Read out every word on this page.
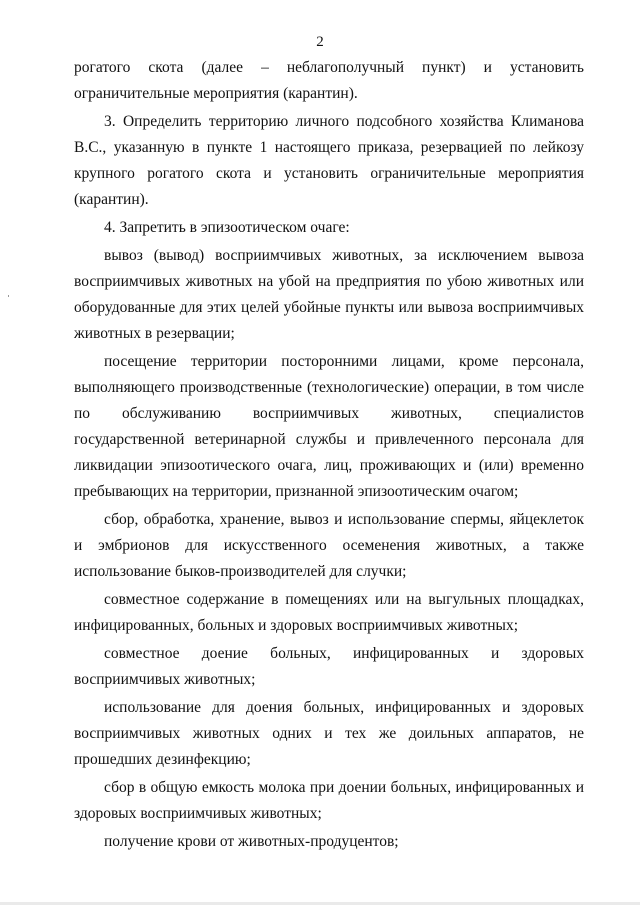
2

рогатого скота (далее – неблагополучный пункт) и установить ограничительные мероприятия (карантин).

3. Определить территорию личного подсобного хозяйства Климанова В.С., указанную в пункте 1 настоящего приказа, резервацией по лейкозу крупного рогатого скота и установить ограничительные мероприятия (карантин).

4. Запретить в эпизоотическом очаге:

вывоз (вывод) восприимчивых животных, за исключением вывоза восприимчивых животных на убой на предприятия по убою животных или оборудованные для этих целей убойные пункты или вывоза восприимчивых животных в резервации;

посещение территории посторонними лицами, кроме персонала, выполняющего производственные (технологические) операции, в том числе по обслуживанию восприимчивых животных, специалистов государственной ветеринарной службы и привлеченного персонала для ликвидации эпизоотического очага, лиц, проживающих и (или) временно пребывающих на территории, признанной эпизоотическим очагом;

сбор, обработка, хранение, вывоз и использование спермы, яйцеклеток и эмбрионов для искусственного осеменения животных, а также использование быков-производителей для случки;

совместное содержание в помещениях или на выгульных площадках, инфицированных, больных и здоровых восприимчивых животных;

совместное доение больных, инфицированных и здоровых восприимчивых животных;

использование для доения больных, инфицированных и здоровых восприимчивых животных одних и тех же доильных аппаратов, не прошедших дезинфекцию;

сбор в общую емкость молока при доении больных, инфицированных и здоровых восприимчивых животных;

получение крови от животных-продуцентов;
